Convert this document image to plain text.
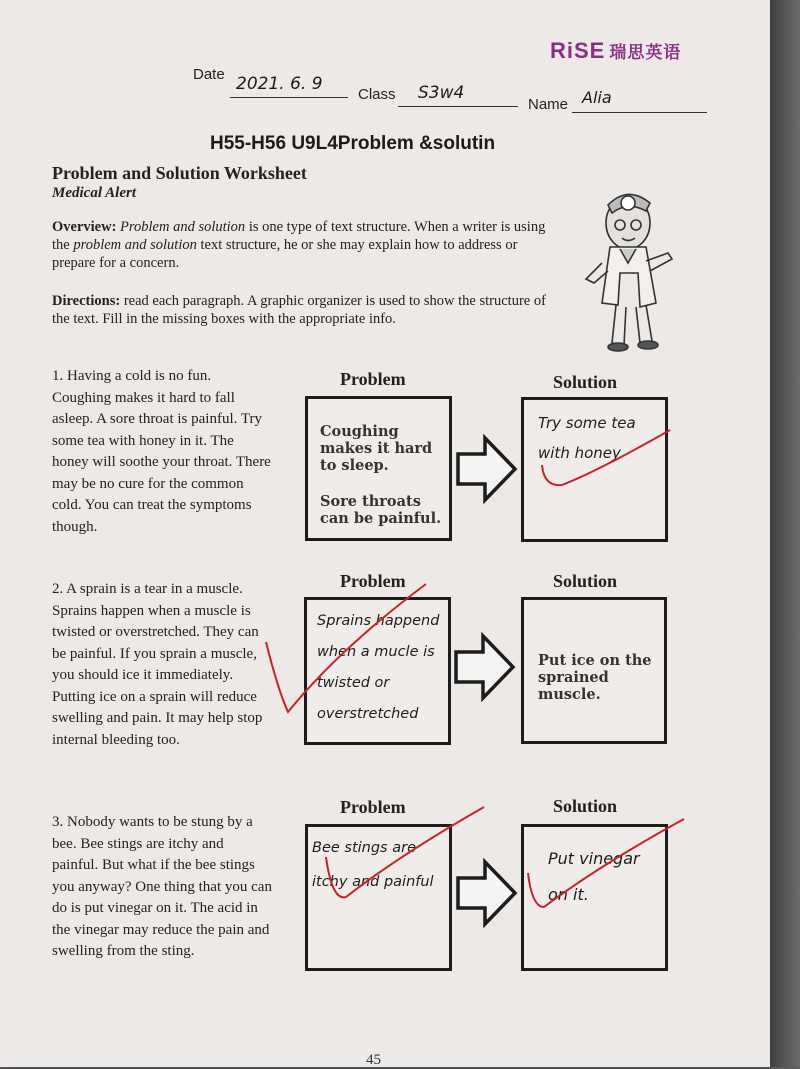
RiSE 瑞思英语
Date 2021. 6. 9
Class S3w4
Name Alia
H55-H56 U9L4Problem &solutin
Problem and Solution Worksheet
Medical Alert
Overview: Problem and solution is one type of text structure. When a writer is using the problem and solution text structure, he or she may explain how to address or prepare for a concern.
Directions: read each paragraph. A graphic organizer is used to show the structure of the text. Fill in the missing boxes with the appropriate info.
1. Having a cold is no fun. Coughing makes it hard to fall asleep. A sore throat is painful. Try some tea with honey in it. The honey will soothe your throat. There may be no cure for the common cold. You can treat the symptoms though.
Problem	Solution
Coughing makes it hard to sleep.
Sore throats can be painful.
Try some tea with honey
2. A sprain is a tear in a muscle. Sprains happen when a muscle is twisted or overstretched. They can be painful. If you sprain a muscle, you should ice it immediately. Putting ice on a sprain will reduce swelling and pain. It may help stop internal bleeding too.
Problem	Solution
Sprains happend when a mucle is twisted or overstretched
Put ice on the sprained muscle.
3. Nobody wants to be stung by a bee. Bee stings are itchy and painful. But what if the bee stings you anyway? One thing that you can do is put vinegar on it. The acid in the vinegar may reduce the pain and swelling from the sting.
Problem	Solution
Bee stings are itchy and painful
Put vinegar on it.
45
